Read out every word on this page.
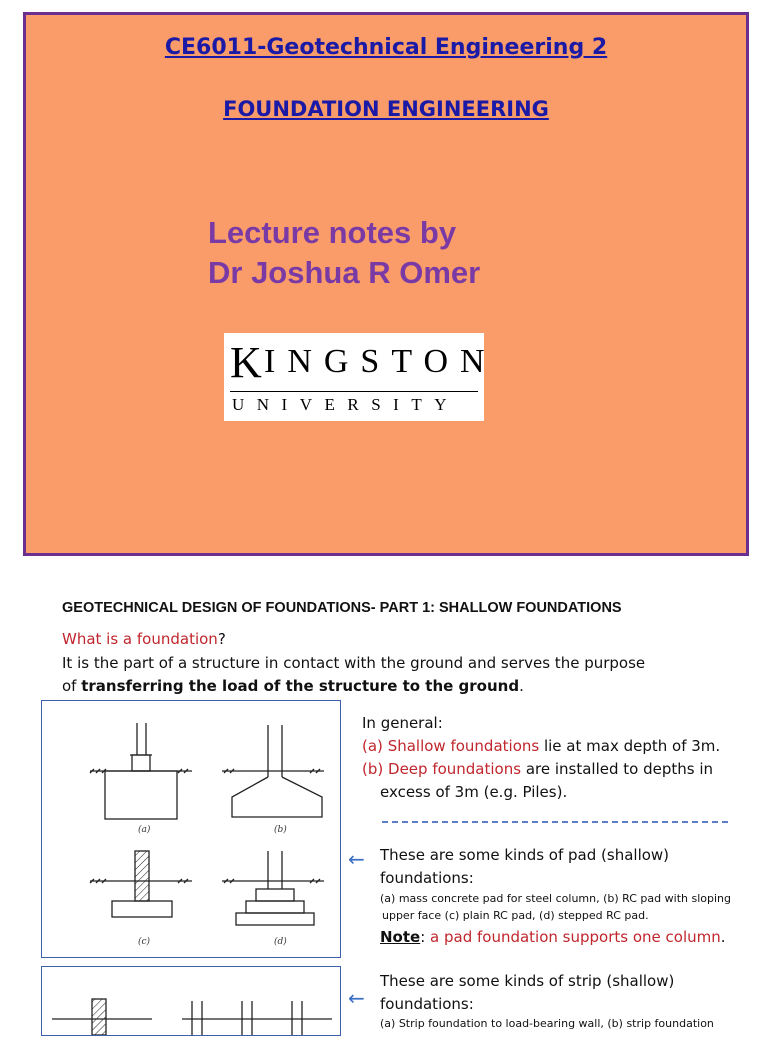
CE6011-Geotechnical Engineering 2
FOUNDATION ENGINEERING
Lecture notes by
Dr Joshua R Omer
K INGSTON
UNIVERSITY
GEOTECHNICAL DESIGN OF FOUNDATIONS- PART 1: SHALLOW FOUNDATIONS
What is a foundation?
It is the part of a structure in contact with the ground and serves the purpose
of transferring the load of the structure to the ground.
(a)	(b)
(c)	(d)
In general:
(a) Shallow foundations lie at max depth of 3m.
(b) Deep foundations are installed to depths in
excess of 3m (e.g. Piles).
← These are some kinds of pad (shallow)
foundations:
(a) mass concrete pad for steel column, (b) RC pad with sloping
upper face (c) plain RC pad, (d) stepped RC pad.
Note: a pad foundation supports one column.
←
These are some kinds of strip (shallow)
foundations:
(a) Strip foundation to load-bearing wall, (b) strip foundation
